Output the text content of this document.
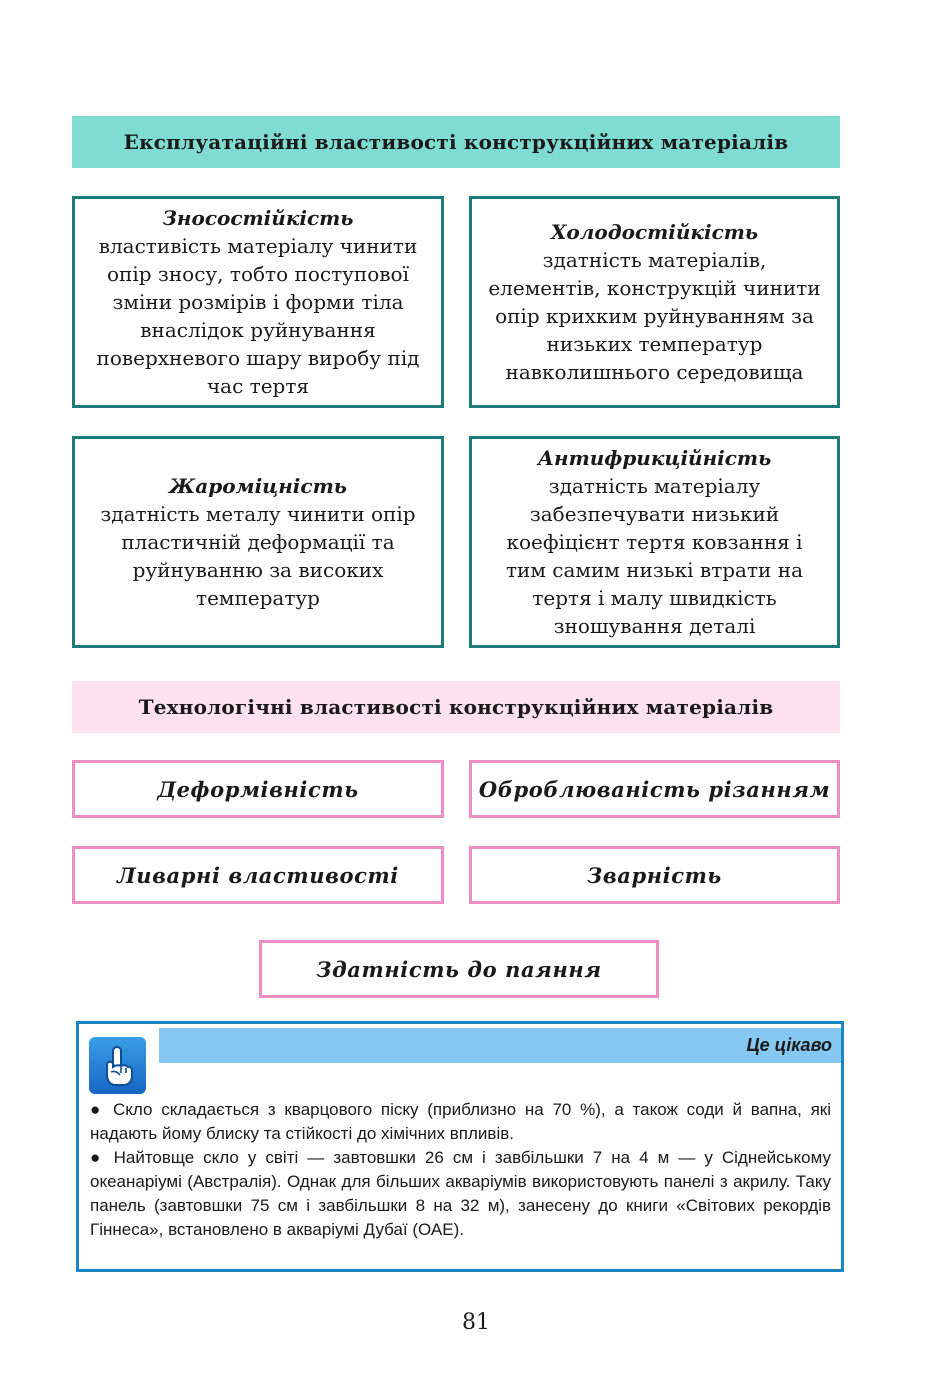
Експлуатаційні властивості конструкційних матеріалів
Зносостійкість
властивість матеріалу чинити опір зносу, тобто поступової зміни розмірів і форми тіла внаслідок руйнування поверхневого шару виробу під час тертя
Холодостійкість
здатність матеріалів, елементів, конструкцій чинити опір крихким руйнуванням за низьких температур навколишнього середовища
Жароміцність
здатність металу чинити опір пластичній деформації та руйнуванню за високих температур
Антифрикційність
здатність матеріалу забезпечувати низький коефіцієнт тертя ковзання і тим самим низькі втрати на тертя і малу швидкість зношування деталі
Технологічні властивості конструкційних матеріалів
Деформівність	Оброблюваність різанням
Ливарні властивості	Зварність
Здатність до паяння
Це цікаво

● Скло складається з кварцового піску (приблизно на 70 %), а також соди й вапна, які надають йому блиску та стійкості до хімічних впливів.

● Найтовще скло у світі — завтовшки 26 см і завбільшки 7 на 4 м — у Сіднейському океанаріумі (Австралія). Однак для більших акваріумів використовують панелі з акрилу. Таку панель (завтовшки 75 см і завбільшки 8 на 32 м), занесену до книги «Світових рекордів Гіннеса», встановлено в акваріумі Дубаї (ОАЕ).

81
